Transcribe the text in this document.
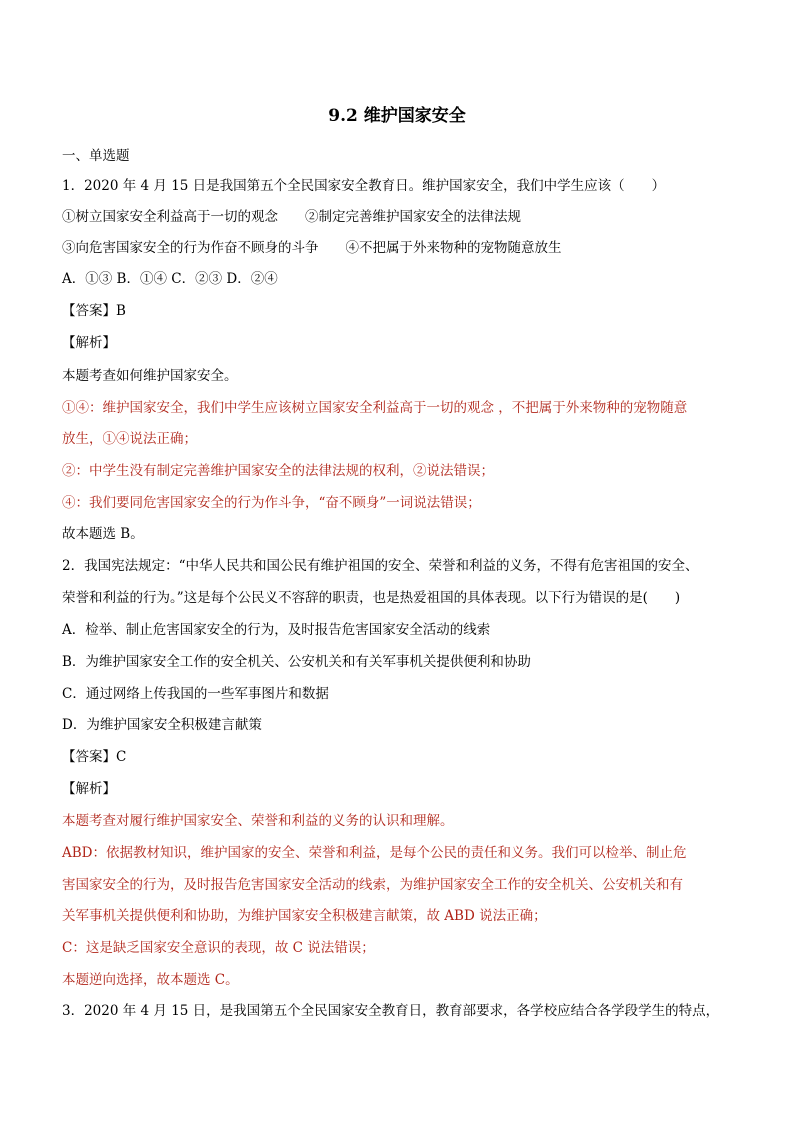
9.2 维护国家安全
一、单选题
1．2020 年 4 月 15 日是我国第五个全民国家安全教育日。维护国家安全，我们中学生应该（　　）
①树立国家安全利益高于一切的观念　　②制定完善维护国家安全的法律法规
③向危害国家安全的行为作奋不顾身的斗争　　④不把属于外来物种的宠物随意放生
A．①③ B．①④ C．②③ D．②④
【答案】B
【解析】
本题考查如何维护国家安全。
①④：维护国家安全，我们中学生应该树立国家安全利益高于一切的观念 ，不把属于外来物种的宠物随意
放生，①④说法正确；
②：中学生没有制定完善维护国家安全的法律法规的权利，②说法错误；
④：我们要同危害国家安全的行为作斗争，“奋不顾身”一词说法错误；
故本题选 B。
2．我国宪法规定：“中华人民共和国公民有维护祖国的安全、荣誉和利益的义务，不得有危害祖国的安全、
荣誉和利益的行为。”这是每个公民义不容辞的职责，也是热爱祖国的具体表现。以下行为错误的是(　　)
A．检举、制止危害国家安全的行为，及时报告危害国家安全活动的线索
B．为维护国家安全工作的安全机关、公安机关和有关军事机关提供便利和协助
C．通过网络上传我国的一些军事图片和数据
D．为维护国家安全积极建言献策
【答案】C
【解析】
本题考查对履行维护国家安全、荣誉和利益的义务的认识和理解。
ABD：依据教材知识，维护国家的安全、荣誉和利益，是每个公民的责任和义务。我们可以检举、制止危
害国家安全的行为，及时报告危害国家安全活动的线索，为维护国家安全工作的安全机关、公安机关和有
关军事机关提供便利和协助，为维护国家安全积极建言献策，故 ABD 说法正确；
C：这是缺乏国家安全意识的表现，故 C 说法错误；
本题逆向选择，故本题选 C。
3．2020 年 4 月 15 日，是我国第五个全民国家安全教育日，教育部要求，各学校应结合各学段学生的特点，
